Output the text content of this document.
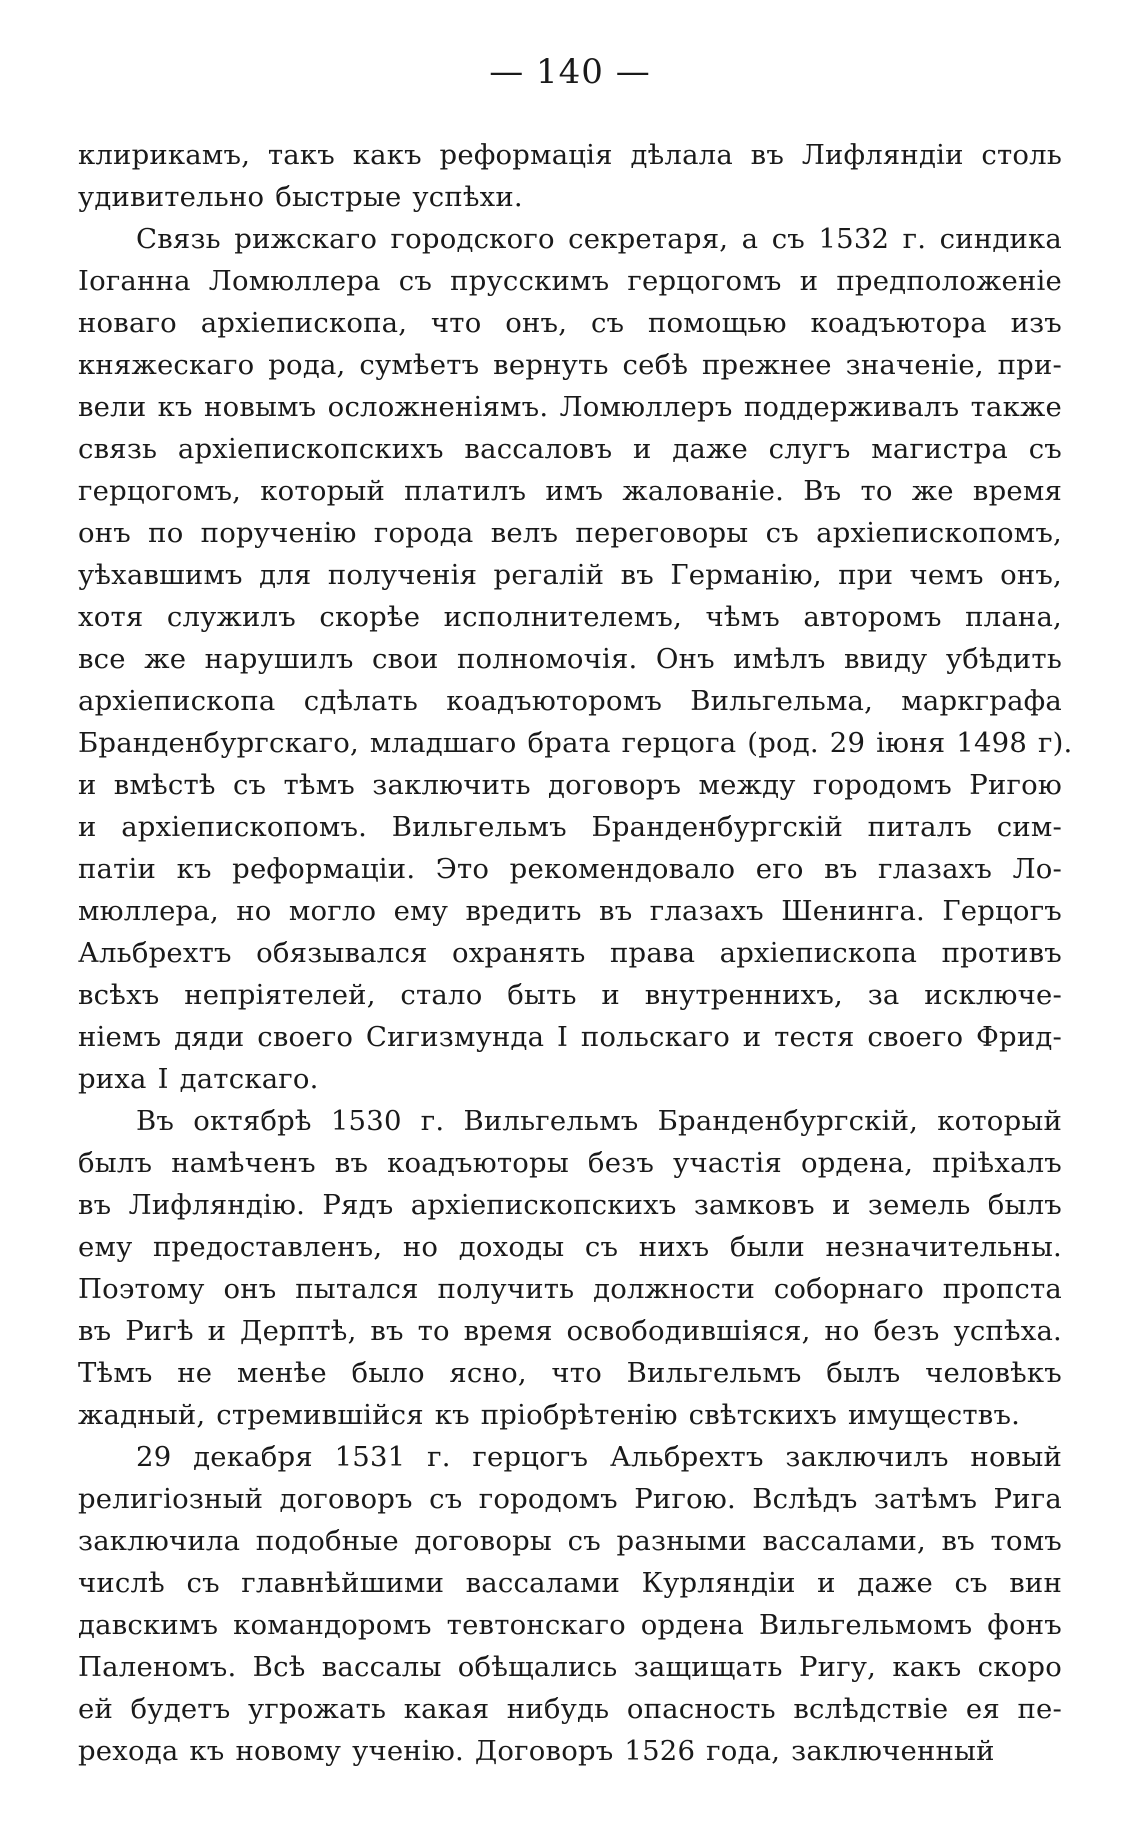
— 140 —
клирикамъ, такъ какъ реформація дѣлала въ Лифляндіи столь
удивительно быстрые успѣхи.
Связь рижскаго городского секретаря, а съ 1532 г. синдика
Іоганна Ломюллера съ прусскимъ герцогомъ и предположеніе
новаго архіепископа, что онъ, съ помощью коадъютора изъ
княжескаго рода, сумѣетъ вернуть себѣ прежнее значеніе, при-
вели къ новымъ осложненіямъ. Ломюллеръ поддерживалъ также
связь архіепископскихъ вассаловъ и даже слугъ магистра съ
герцогомъ, который платилъ имъ жалованіе. Въ то же время
онъ по порученію города велъ переговоры съ архіепископомъ,
уѣхавшимъ для полученія регалій въ Германію, при чемъ онъ,
хотя служилъ скорѣе исполнителемъ, чѣмъ авторомъ плана,
все же нарушилъ свои полномочія. Онъ имѣлъ ввиду убѣдить
архіепископа сдѣлать коадъюторомъ Вильгельма, маркграфа
Бранденбургскаго, младшаго брата герцога (род. 29 іюня 1498 г).
и вмѣстѣ съ тѣмъ заключить договоръ между городомъ Ригою
и архіепископомъ. Вильгельмъ Бранденбургскій питалъ сим-
патіи къ реформаціи. Это рекомендовало его въ глазахъ Ло-
мюллера, но могло ему вредить въ глазахъ Шенинга. Герцогъ
Альбрехтъ обязывался охранять права архіепископа противъ
всѣхъ непріятелей, стало быть и внутреннихъ, за исключе-
ніемъ дяди своего Сигизмунда I польскаго и тестя своего Фрид-
риха I датскаго.
Въ октябрѣ 1530 г. Вильгельмъ Бранденбургскій, который
былъ намѣченъ въ коадъюторы безъ участія ордена, пріѣхалъ
въ Лифляндію. Рядъ архіепископскихъ замковъ и земель былъ
ему предоставленъ, но доходы съ нихъ были незначительны.
Поэтому онъ пытался получить должности соборнаго пропста
въ Ригѣ и Дерптѣ, въ то время освободившіяся, но безъ успѣха.
Тѣмъ не менѣе было ясно, что Вильгельмъ былъ человѣкъ
жадный, стремившійся къ пріобрѣтенію свѣтскихъ имуществъ.
29 декабря 1531 г. герцогъ Альбрехтъ заключилъ новый
религіозный договоръ съ городомъ Ригою. Вслѣдъ затѣмъ Рига
заключила подобные договоры съ разными вассалами, въ томъ
числѣ съ главнѣйшими вассалами Курляндіи и даже съ вин
давскимъ командоромъ тевтонскаго ордена Вильгельмомъ фонъ
Паленомъ. Всѣ вассалы обѣщались защищать Ригу, какъ скоро
ей будетъ угрожать какая нибудь опасность вслѣдствіе ея пе-
рехода къ новому ученію. Договоръ 1526 года, заключенный
